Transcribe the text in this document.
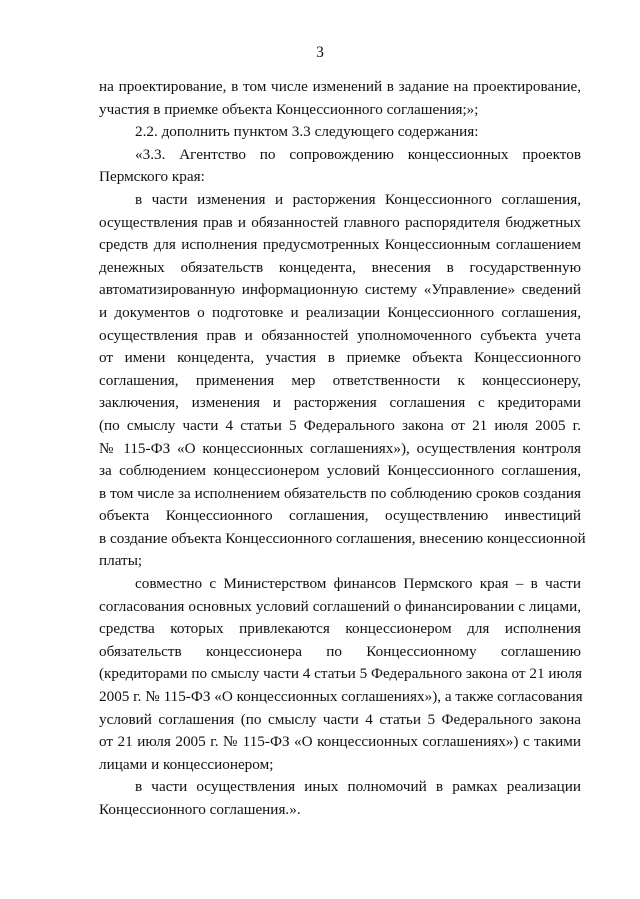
3
на проектирование, в том числе изменений в задание на проектирование,
участия в приемке объекта Концессионного соглашения;»;
2.2. дополнить пунктом 3.3 следующего содержания:
«3.3. Агентство по сопровождению концессионных проектов
Пермского края:
в части изменения и расторжения Концессионного соглашения,
осуществления прав и обязанностей главного распорядителя бюджетных
средств для исполнения предусмотренных Концессионным соглашением
денежных обязательств концедента, внесения в государственную
автоматизированную информационную систему «Управление» сведений
и документов о подготовке и реализации Концессионного соглашения,
осуществления прав и обязанностей уполномоченного субъекта учета
от имени концедента, участия в приемке объекта Концессионного
соглашения, применения мер ответственности к концессионеру,
заключения, изменения и расторжения соглашения с кредиторами
(по смыслу части 4 статьи 5 Федерального закона от 21 июля 2005 г.
№ 115-ФЗ «О концессионных соглашениях»), осуществления контроля
за соблюдением концессионером условий Концессионного соглашения,
в том числе за исполнением обязательств по соблюдению сроков создания
объекта Концессионного соглашения, осуществлению инвестиций
в создание объекта Концессионного соглашения, внесению концессионной
платы;
совместно с Министерством финансов Пермского края – в части
согласования основных условий соглашений о финансировании с лицами,
средства которых привлекаются концессионером для исполнения
обязательств концессионера по Концессионному соглашению
(кредиторами по смыслу части 4 статьи 5 Федерального закона от 21 июля
2005 г. № 115-ФЗ «О концессионных соглашениях»), а также согласования
условий соглашения (по смыслу части 4 статьи 5 Федерального закона
от 21 июля 2005 г. № 115-ФЗ «О концессионных соглашениях») с такими
лицами и концессионером;
в части осуществления иных полномочий в рамках реализации
Концессионного соглашения.».
